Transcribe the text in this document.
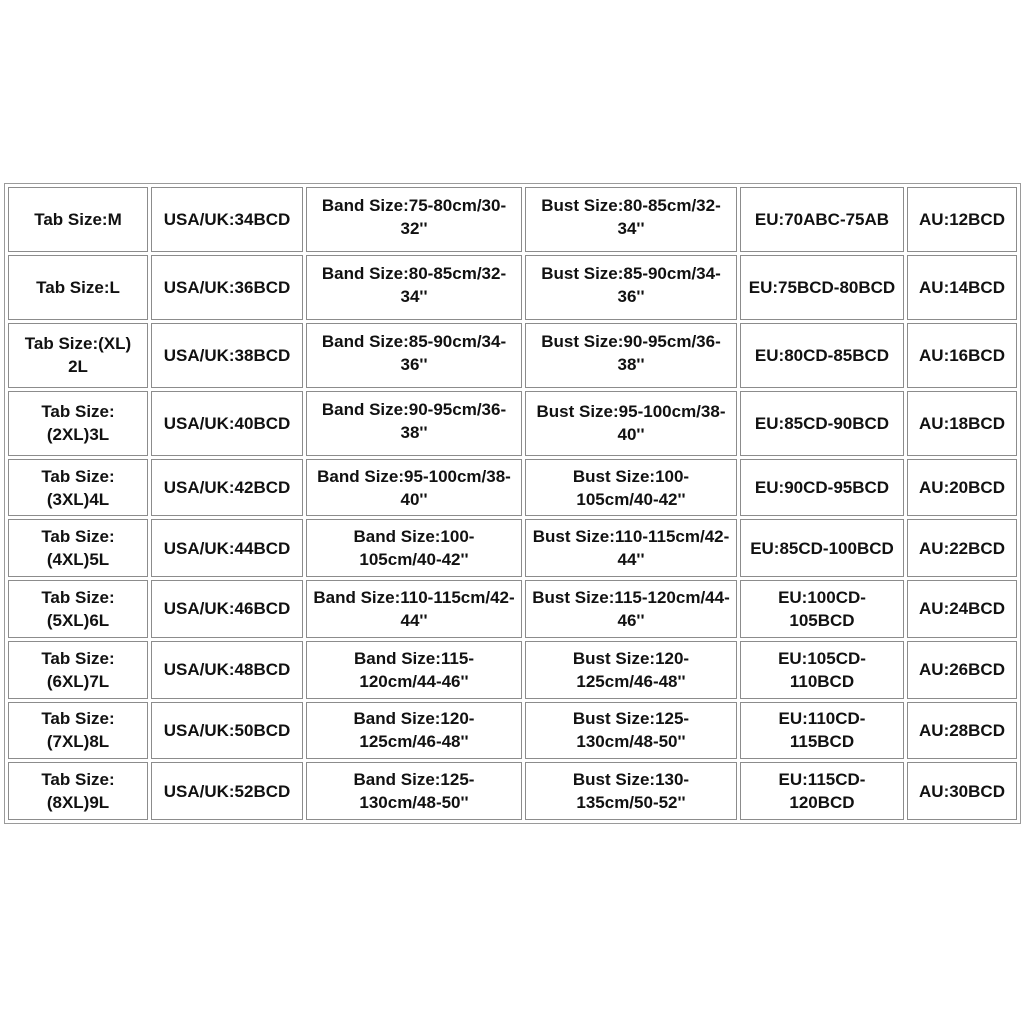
Tab Size:M	USA/UK:34BCD	Band Size:75-80cm/30-32''	Bust Size:80-85cm/32-34''	EU:70ABC-75AB	AU:12BCD
Tab Size:L	USA/UK:36BCD	Band Size:80-85cm/32-34''	Bust Size:85-90cm/34-36''	EU:75BCD-80BCD	AU:14BCD
Tab Size:(XL) 2L	USA/UK:38BCD	Band Size:85-90cm/34-36''	Bust Size:90-95cm/36-38''	EU:80CD-85BCD	AU:16BCD
Tab Size: (2XL)3L	USA/UK:40BCD	Band Size:90-95cm/36-38''	Bust Size:95-100cm/38-40''	EU:85CD-90BCD	AU:18BCD
Tab Size: (3XL)4L	USA/UK:42BCD	Band Size:95-100cm/38-40''	Bust Size:100-105cm/40-42''	EU:90CD-95BCD	AU:20BCD
Tab Size: (4XL)5L	USA/UK:44BCD	Band Size:100-105cm/40-42''	Bust Size:110-115cm/42-44''	EU:85CD-100BCD	AU:22BCD
Tab Size: (5XL)6L	USA/UK:46BCD	Band Size:110-115cm/42-44''	Bust Size:115-120cm/44-46''	EU:100CD-105BCD	AU:24BCD
Tab Size: (6XL)7L	USA/UK:48BCD	Band Size:115-120cm/44-46''	Bust Size:120-125cm/46-48''	EU:105CD-110BCD	AU:26BCD
Tab Size: (7XL)8L	USA/UK:50BCD	Band Size:120-125cm/46-48''	Bust Size:125-130cm/48-50''	EU:110CD-115BCD	AU:28BCD
Tab Size: (8XL)9L	USA/UK:52BCD	Band Size:125-130cm/48-50''	Bust Size:130-135cm/50-52''	EU:115CD-120BCD	AU:30BCD
